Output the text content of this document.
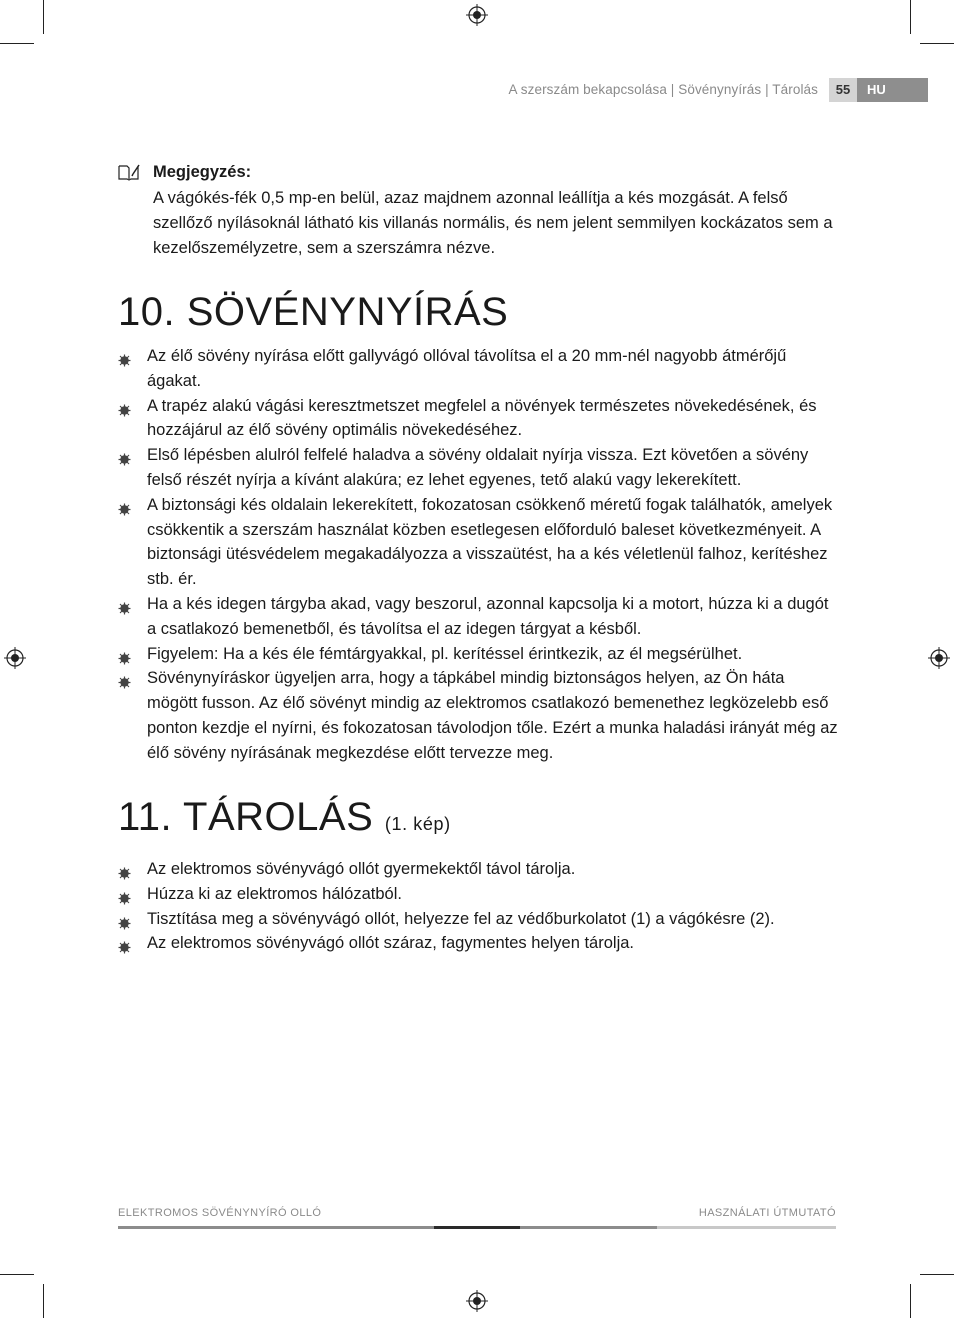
A szerszám bekapcsolása | Sövénynyírás | Tárolás	55	HU
Megjegyzés:
A vágókés-fék 0,5 mp-en belül, azaz majdnem azonnal leállítja a kés mozgását. A felső szellőző nyílásoknál látható kis villanás normális, és nem jelent semmilyen kockázatos sem a kezelőszemélyzetre, sem a szerszámra nézve.
10. SÖVÉNYNYÍRÁS
Az élő sövény nyírása előtt gallyvágó ollóval távolítsa el a 20 mm-nél nagyobb átmérőjű ágakat.
A trapéz alakú vágási keresztmetszet megfelel a növények természetes növekedésének, és hozzájárul az élő sövény optimális növekedéséhez.
Első lépésben alulról felfelé haladva a sövény oldalait nyírja vissza. Ezt követően a sövény felső részét nyírja a kívánt alakúra; ez lehet egyenes, tető alakú vagy lekerekített.
A biztonsági kés oldalain lekerekített, fokozatosan csökkenő méretű fogak találhatók, amelyek csökkentik a szerszám használat közben esetlegesen előforduló baleset következményeit. A biztonsági ütésvédelem megakadályozza a visszaütést, ha a kés véletlenül falhoz, kerítéshez stb. ér.
Ha a kés idegen tárgyba akad, vagy beszorul, azonnal kapcsolja ki a motort, húzza ki a dugót a csatlakozó bemenetből, és távolítsa el az idegen tárgyat a késből.
Figyelem: Ha a kés éle fémtárgyakkal, pl. kerítéssel érintkezik, az él megsérülhet.
Sövénynyíráskor ügyeljen arra, hogy a tápkábel mindig biztonságos helyen, az Ön háta mögött fusson. Az élő sövényt mindig az elektromos csatlakozó bemenethez legközelebb eső ponton kezdje el nyírni, és fokozatosan távolodjon tőle. Ezért a munka haladási irányát még az élő sövény nyírásának megkezdése előtt tervezze meg.
11. TÁROLÁS (1. kép)
Az elektromos sövényvágó ollót gyermekektől távol tárolja.
Húzza ki az elektromos hálózatból.
Tisztítása meg a sövényvágó ollót, helyezze fel az védőburkolatot (1) a vágókésre (2).
Az elektromos sövényvágó ollót száraz, fagymentes helyen tárolja.
ELEKTROMOS SÖVÉNYNYÍRÓ OLLÓ	HASZNÁLATI ÚTMUTATÓ
